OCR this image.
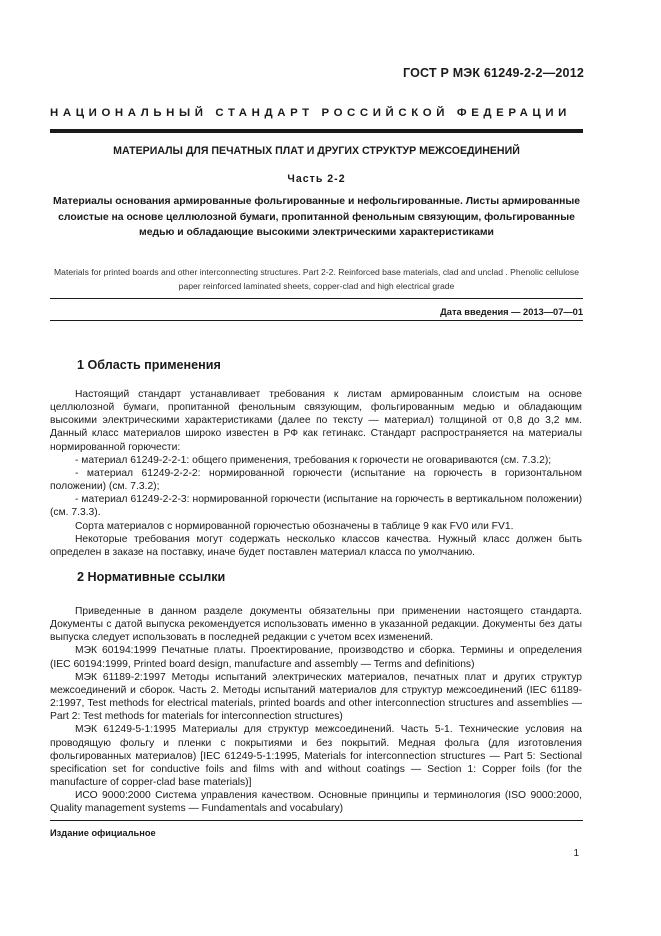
ГОСТ Р МЭК 61249-2-2—2012
НАЦИОНАЛЬНЫЙ СТАНДАРТ РОССИЙСКОЙ ФЕДЕРАЦИИ
МАТЕРИАЛЫ ДЛЯ ПЕЧАТНЫХ ПЛАТ И ДРУГИХ СТРУКТУР МЕЖСОЕДИНЕНИЙ
Часть 2-2
Материалы основания армированные фольгированные и нефольгированные. Листы армированные слоистые на основе целлюлозной бумаги, пропитанной фенольным связующим, фольгированные медью и обладающие высокими электрическими характеристиками
Materials for printed boards and other interconnecting structures. Part 2-2. Reinforced base materials, clad and unclad . Phenolic cellulose paper reinforced laminated sheets, copper-clad and high electrical grade
Дата введения — 2013—07—01
1 Область применения

Настоящий стандарт устанавливает требования к листам армированным слоистым на основе целлюлозной бумаги, пропитанной фенольным связующим, фольгированным медью и обладающим высокими электрическими характеристиками (далее по тексту — материал) толщиной от 0,8 до 3,2 мм. Данный класс материалов широко известен в РФ как гетинакс. Стандарт распространяется на материалы нормированной горючести:

- материал 61249-2-2-1: общего применения, требования к горючести не оговариваются (см. 7.3.2);

- материал 61249-2-2-2: нормированной горючести (испытание на горючесть в горизонтальном положении) (см. 7.3.2);

- материал 61249-2-2-3: нормированной горючести (испытание на горючесть в вертикальном положении) (см. 7.3.3).

Сорта материалов с нормированной горючестью обозначены в таблице 9 как FV0 или FV1.

Некоторые требования могут содержать несколько классов качества. Нужный класс должен быть определен в заказе на поставку, иначе будет поставлен материал класса по умолчанию.

2 Нормативные ссылки

Приведенные в данном разделе документы обязательны при применении настоящего стандарта. Документы с датой выпуска рекомендуется использовать именно в указанной редакции. Документы без даты выпуска следует использовать в последней редакции с учетом всех изменений.

МЭК 60194:1999 Печатные платы. Проектирование, производство и сборка. Термины и определения (IEC 60194:1999, Printed board design, manufacture and assembly — Terms and definitions)

МЭК 61189-2:1997 Методы испытаний электрических материалов, печатных плат и других структур межсоединений и сборок. Часть 2. Методы испытаний материалов для структур межсоединений (IEC 61189-2:1997, Test methods for electrical materials, printed boards and other interconnection structures and assemblies — Part 2: Test methods for materials for interconnection structures)

МЭК 61249-5-1:1995 Материалы для структур межсоединений. Часть 5-1. Технические условия на проводящую фольгу и пленки с покрытиями и без покрытий. Медная фольга (для изготовления фольгированных материалов) [IEC 61249-5-1:1995, Materials for interconnection structures — Part 5: Sectional specification set for conductive foils and films with and without coatings — Section 1: Copper foils (for the manufacture of copper-clad base materials)]

ИСО 9000:2000 Система управления качеством. Основные принципы и терминология (ISO 9000:2000, Quality management systems — Fundamentals and vocabulary)

Издание официальное
1
